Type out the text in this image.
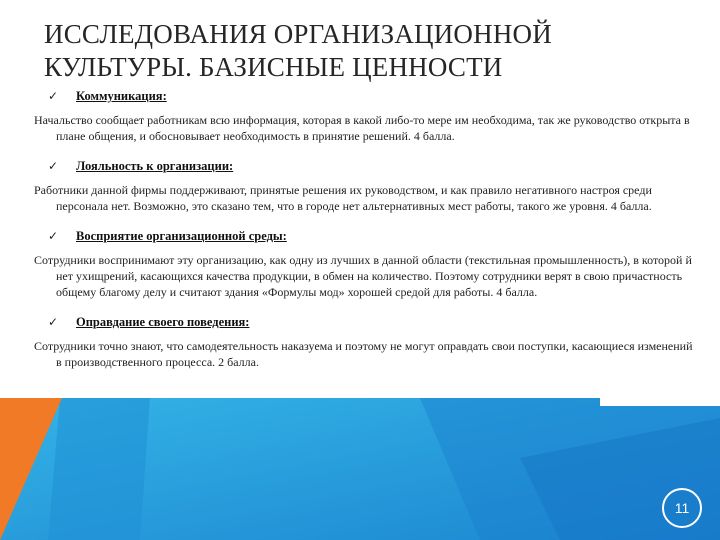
ИССЛЕДОВАНИЯ ОРГАНИЗАЦИОННОЙ
КУЛЬТУРЫ. БАЗИСНЫЕ ЦЕННОСТИ
✓	Коммуникация:

Начальство сообщает работникам всю информация, которая в какой либо-то мере им необходима, так же руководство открыта в плане общения, и обосновывает необходимость в принятие решений. 4 балла.

✓	Лояльность к организации:

Работники данной фирмы поддерживают, принятые решения их руководством, и как правило негативного настроя среди персонала нет. Возможно, это сказано тем, что в городе нет альтернативных мест работы, такого же уровня. 4 балла.

✓	Восприятие организационной среды:

Сотрудники воспринимают эту организацию, как одну из лучших в данной области (текстильная промышленность), в которой й нет ухищрений, касающихся качества продукции, в обмен на количество. Поэтому сотрудники верят в свою причастность общему благому делу и считают здания «Формулы мод» хорошей средой для работы. 4 балла.

✓	Оправдание своего поведения:

Сотрудники точно знают, что самодеятельность наказуема и поэтому не могут оправдать свои поступки, касающиеся изменений в производственного процесса. 2 балла.

11
